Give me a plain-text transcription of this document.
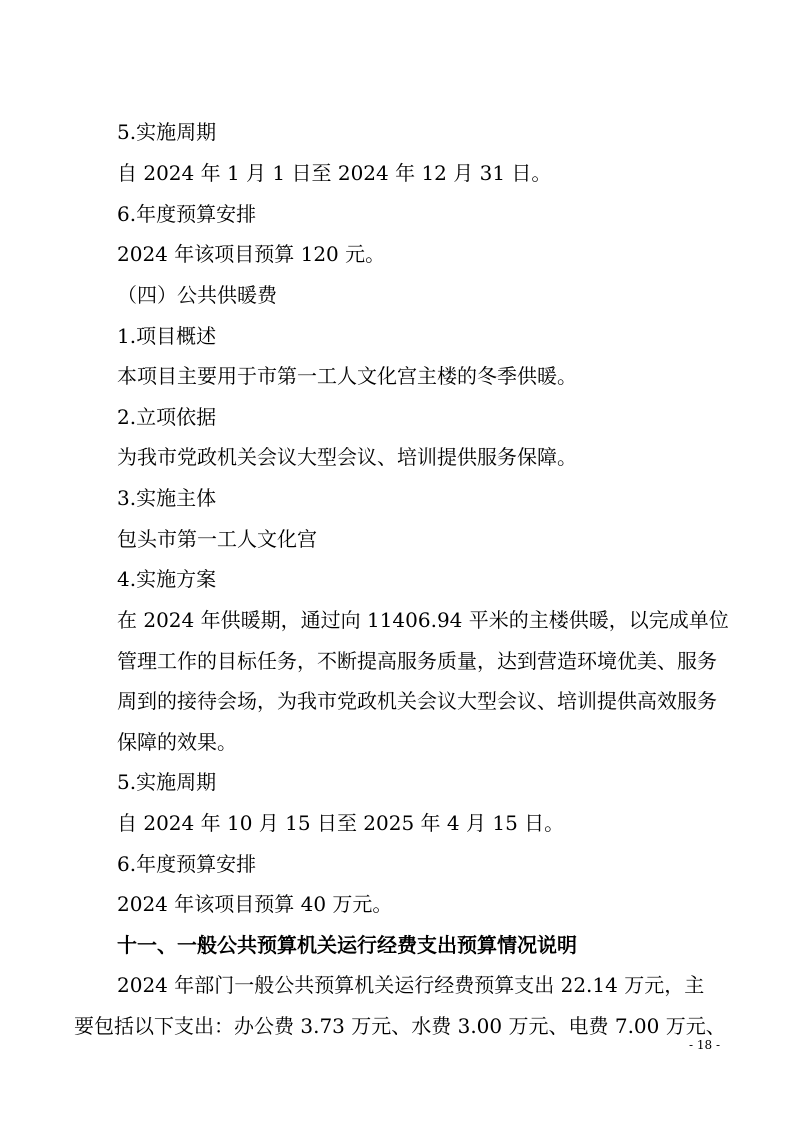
5.实施周期
自 2024 年 1 月 1 日至 2024 年 12 月 31 日。
6.年度预算安排
2024 年该项目预算 120 元。
（四）公共供暖费
1.项目概述
本项目主要用于市第一工人文化宫主楼的冬季供暖。
2.立项依据
为我市党政机关会议大型会议、培训提供服务保障。
3.实施主体
包头市第一工人文化宫
4.实施方案
在 2024 年供暖期，通过向 11406.94 平米的主楼供暖，以完成单位
管理工作的目标任务，不断提高服务质量，达到营造环境优美、服务
周到的接待会场，为我市党政机关会议大型会议、培训提供高效服务
保障的效果。
5.实施周期
自 2024 年 10 月 15 日至 2025 年 4 月 15 日。
6.年度预算安排
2024 年该项目预算 40 万元。
十一、一般公共预算机关运行经费支出预算情况说明
2024 年部门一般公共预算机关运行经费预算支出 22.14 万元，主
要包括以下支出：办公费 3.73 万元、水费 3.00 万元、电费 7.00 万元、
- 18 -
